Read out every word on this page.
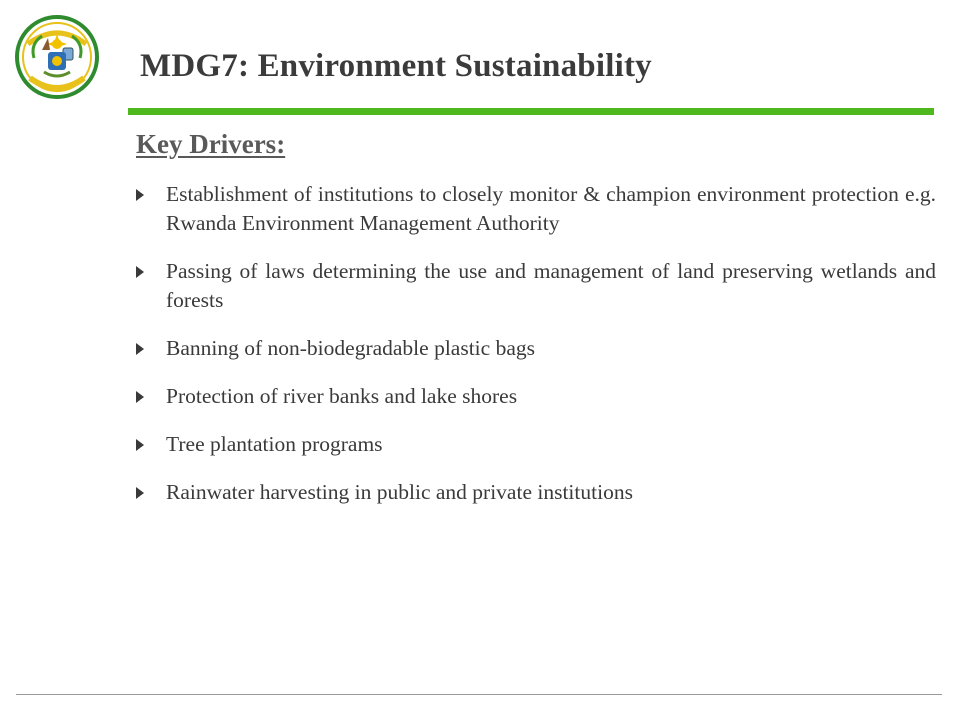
MDG7: Environment Sustainability
Key Drivers:
Establishment of institutions to closely monitor & champion environment protection e.g. Rwanda Environment Management Authority
Passing of laws determining the use and management of land preserving wetlands and forests
Banning of non-biodegradable plastic bags
Protection of river banks and lake shores
Tree plantation programs
Rainwater harvesting in public and private institutions
